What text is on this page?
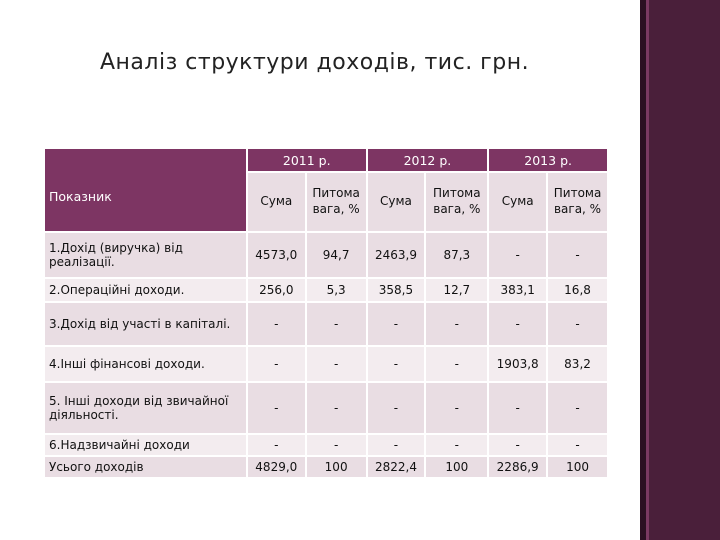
Аналіз структури доходів, тис. грн.
Показник	2011 р.		2012 р.		2013 р.	
	Сума	Питома вага, %	Сума	Питома вага, %	Сума	Питома вага, %
1.Дохід (виручка) від реалізації.	4573,0	94,7	2463,9	87,3	-	-
2.Операційні доходи.	256,0	5,3	358,5	12,7	383,1	16,8
3.Дохід від участі в капіталі.	-	-	-	-	-	-
4.Інші фінансові доходи.	-	-	-	-	1903,8	83,2
5. Інші доходи від звичайної діяльності.	-	-	-	-	-	-
6.Надзвичайні доходи	-	-	-	-	-	-
Усього доходів	4829,0	100	2822,4	100	2286,9	100
